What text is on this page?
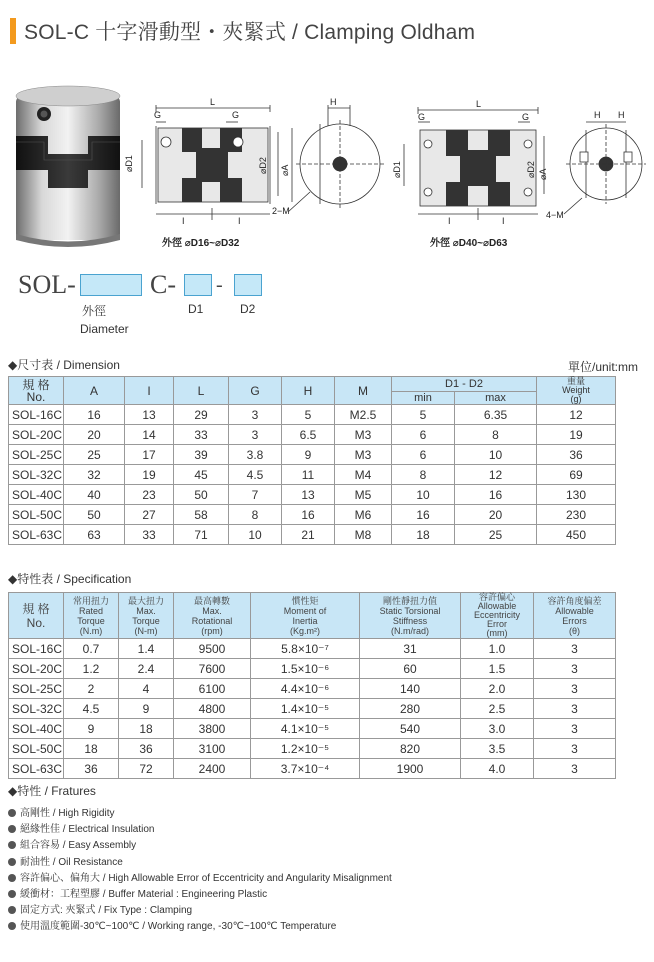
SOL-C 十字滑動型・夾緊式 / Clamping Oldham
L
G	G
I	I
⌀D1	⌀D2 ⌀A
H
2−M
外徑 ⌀D16~⌀D32
L
G	G
I	I
⌀D1	⌀D2 ⌀A
H H
4−M
外徑 ⌀D40~⌀D63
SOL-	C- -
外徑
Diameter
D1	D2
◆尺寸表 / Dimension	單位/unit:mm
規 格
No.	A	I	L	G	H	M	D1 - D2		重量
Weight
(g)
							min	max	
SOL-16C	16	13	29	3	5	M2.5	5	6.35	12
SOL-20C	20	14	33	3	6.5	M3	6	8	19
SOL-25C	25	17	39	3.8	9	M3	6	10	36
SOL-32C	32	19	45	4.5	11	M4	8	12	69
SOL-40C	40	23	50	7	13	M5	10	16	130
SOL-50C	50	27	58	8	16	M6	16	20	230
SOL-63C	63	33	71	10	21	M8	18	25	450
◆特性表 / Specification
規 格
No.	常用扭力
Rated
Torque
(N.m)	最大扭力
Max.
Torque
(N-m)	最高轉數
Max.
Rotational
(rpm)	慣性矩
Moment of
Inertia
(Kg.m²)	剛性靜扭力值
Static Torsional
Stiffness
(N.m/rad)	容許偏心
Allowable
Eccentricity
Error
(mm)	容許角度偏差
Allowable
Errors
(θ)
SOL-16C	0.7	1.4	9500	5.8×10⁻⁷	31	1.0	3
SOL-20C	1.2	2.4	7600	1.5×10⁻⁶	60	1.5	3
SOL-25C	2	4	6100	4.4×10⁻⁶	140	2.0	3
SOL-32C	4.5	9	4800	1.4×10⁻⁵	280	2.5	3
SOL-40C	9	18	3800	4.1×10⁻⁵	540	3.0	3
SOL-50C	18	36	3100	1.2×10⁻⁵	820	3.5	3
SOL-63C	36	72	2400	3.7×10⁻⁴	1900	4.0	3
◆特性 / Fratures
高剛性 / High Rigidity
絕緣性佳 / Electrical Insulation
組合容易 / Easy Assembly
耐油性 / Oil Resistance
容許偏心、偏角大 / High Allowable Error of Eccentricity and Angularity Misalignment
緩衝材：工程塑膠 / Buffer Material : Engineering Plastic
固定方式: 夾緊式 / Fix Type : Clamping
使用溫度範圍-30℃~100℃ / Working range, -30℃~100℃ Temperature
